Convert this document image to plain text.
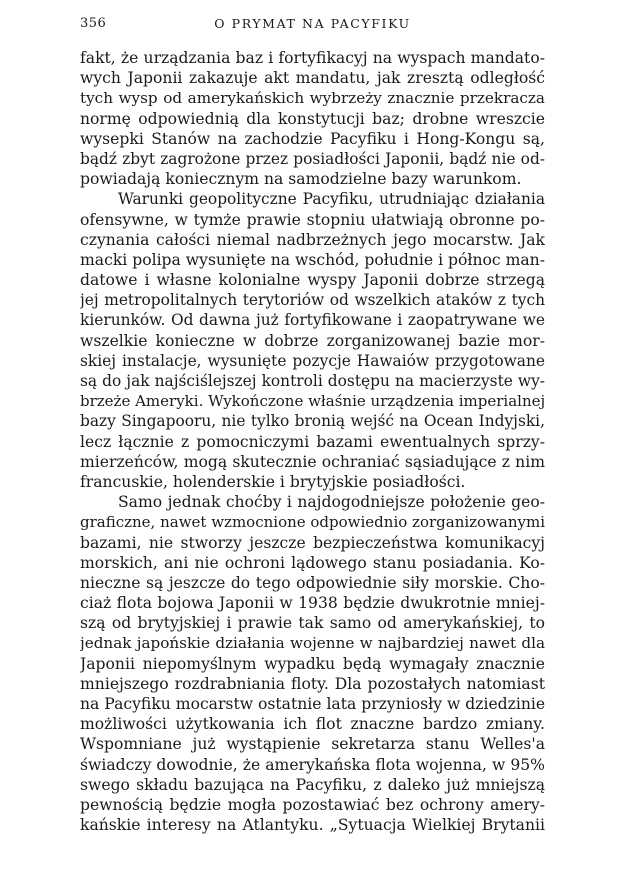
356	O PRYMAT NA PACYFIKU
fakt, że urządzania baz i fortyfikacyj na wyspach mandato-
wych Japonii zakazuje akt mandatu, jak zresztą odległość
tych wysp od amerykańskich wybrzeży znacznie przekracza
normę odpowiednią dla konstytucji baz; drobne wreszcie
wysepki Stanów na zachodzie Pacyfiku i Hong-Kongu są,
bądź zbyt zagrożone przez posiadłości Japonii, bądź nie od-
powiadają koniecznym na samodzielne bazy warunkom.
Warunki geopolityczne Pacyfiku, utrudniając działania
ofensywne, w tymże prawie stopniu ułatwiają obronne po-
czynania całości niemal nadbrzeżnych jego mocarstw. Jak
macki polipa wysunięte na wschód, południe i północ man-
datowe i własne kolonialne wyspy Japonii dobrze strzegą
jej metropolitalnych terytoriów od wszelkich ataków z tych
kierunków. Od dawna już fortyfikowane i zaopatrywane we
wszelkie konieczne w dobrze zorganizowanej bazie mor-
skiej instalacje, wysunięte pozycje Hawaiów przygotowane
są do jak najściślejszej kontroli dostępu na macierzyste wy-
brzeże Ameryki. Wykończone właśnie urządzenia imperialnej
bazy Singapooru, nie tylko bronią wejść na Ocean Indyjski,
lecz łącznie z pomocniczymi bazami ewentualnych sprzy-
mierzeńców, mogą skutecznie ochraniać sąsiadujące z nim
francuskie, holenderskie i brytyjskie posiadłości.
Samo jednak choćby i najdogodniejsze położenie geo-
graficzne, nawet wzmocnione odpowiednio zorganizowanymi
bazami, nie stworzy jeszcze bezpieczeństwa komunikacyj
morskich, ani nie ochroni lądowego stanu posiadania. Ko-
nieczne są jeszcze do tego odpowiednie siły morskie. Cho-
ciaż flota bojowa Japonii w 1938 będzie dwukrotnie mniej-
szą od brytyjskiej i prawie tak samo od amerykańskiej, to
jednak japońskie działania wojenne w najbardziej nawet dla
Japonii niepomyślnym wypadku będą wymagały znacznie
mniejszego rozdrabniania floty. Dla pozostałych natomiast
na Pacyfiku mocarstw ostatnie lata przyniosły w dziedzinie
możliwości użytkowania ich flot znaczne bardzo zmiany.
Wspomniane już wystąpienie sekretarza stanu Welles'a
świadczy dowodnie, że amerykańska flota wojenna, w 95%
swego składu bazująca na Pacyfiku, z daleko już mniejszą
pewnością będzie mogła pozostawiać bez ochrony amery-
kańskie interesy na Atlantyku. „Sytuacja Wielkiej Brytanii
